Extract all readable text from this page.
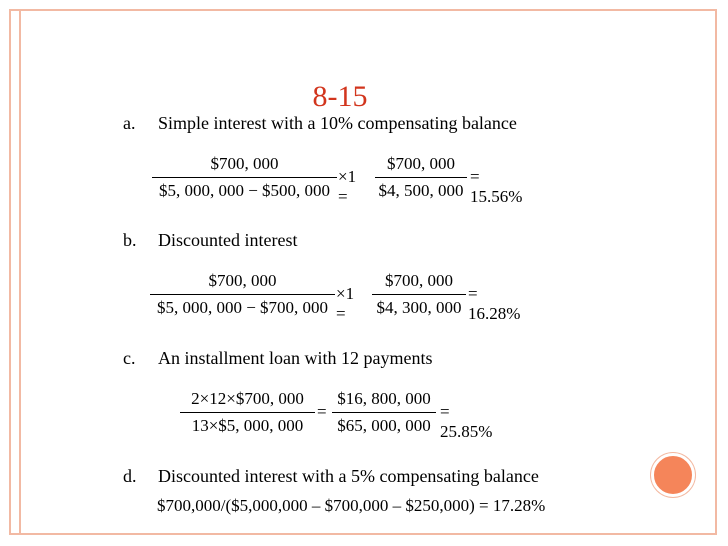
8-15
a. Simple interest with a 10% compensating balance
$700, 000
$5, 000, 000 − $500, 000
×1 =
$700, 000
$4, 500, 000
= 15.56%
b. Discounted interest
$700, 000
$5, 000, 000 − $700, 000
×1 =
$700, 000
$4, 300, 000
= 16.28%
c. An installment loan with 12 payments
2×12×$700, 000
13×$5, 000, 000
=
$16, 800, 000
$65, 000, 000
= 25.85%
d. Discounted interest with a 5% compensating balance
$700,000/($5,000,000 – $700,000 – $250,000) = 17.28%
